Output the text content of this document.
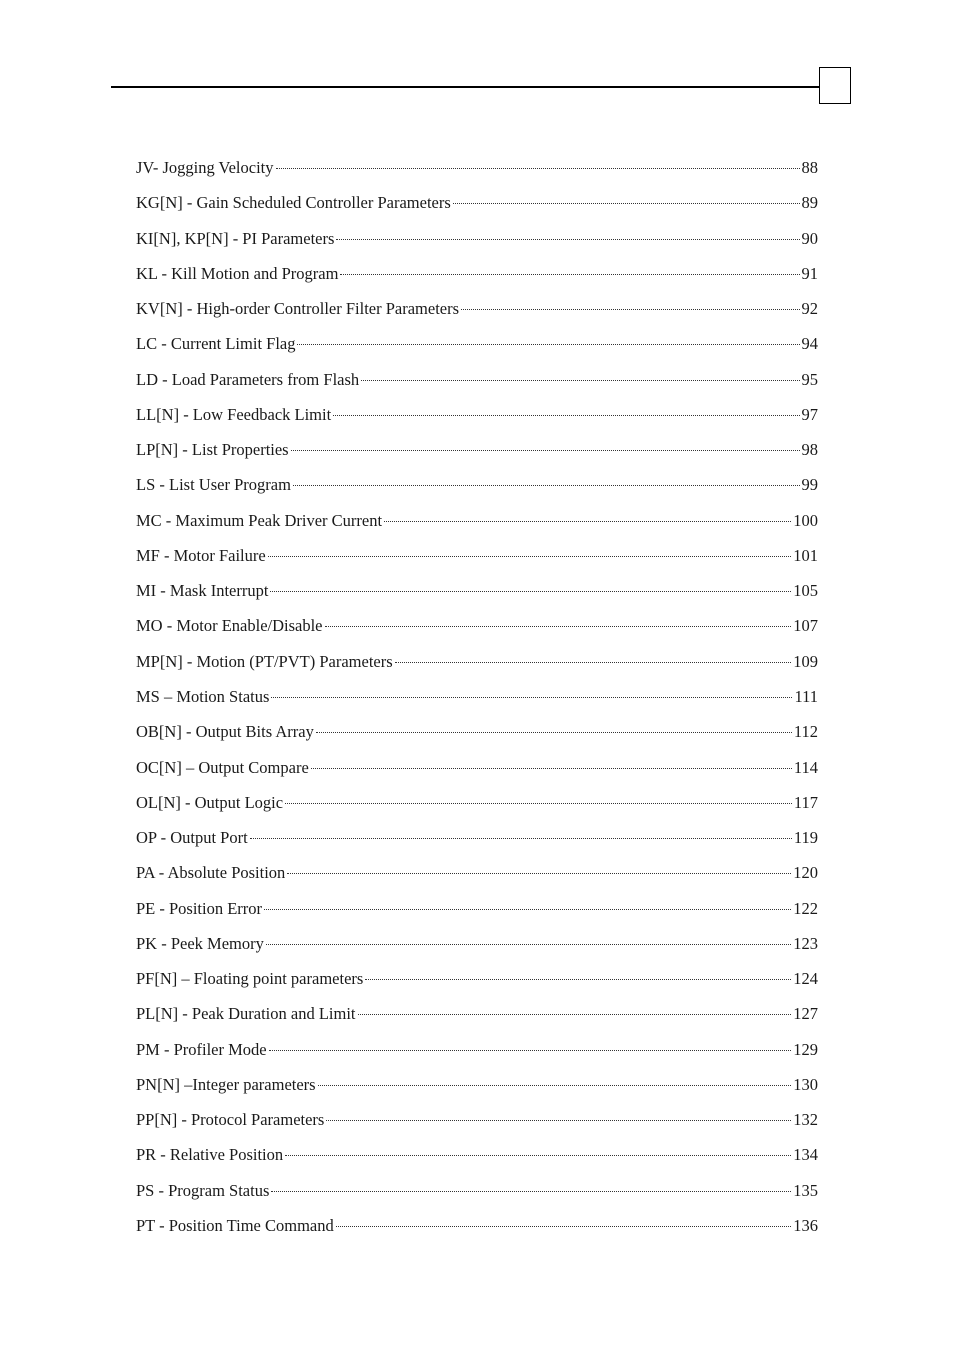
JV- Jogging Velocity	88
KG[N] - Gain Scheduled Controller Parameters	89
KI[N], KP[N] - PI Parameters	90
KL - Kill Motion and Program	91
KV[N] - High-order Controller Filter Parameters	92
LC - Current Limit Flag	94
LD - Load Parameters from Flash	95
LL[N] - Low Feedback Limit	97
LP[N] - List Properties	98
LS - List User Program	99
MC - Maximum Peak Driver Current	100
MF - Motor Failure	101
MI - Mask Interrupt	105
MO - Motor Enable/Disable	107
MP[N] - Motion (PT/PVT) Parameters	109
MS – Motion Status	111
OB[N] - Output Bits Array	112
OC[N] – Output Compare	114
OL[N] - Output Logic	117
OP - Output Port	119
PA - Absolute Position	120
PE - Position Error	122
PK - Peek Memory	123
PF[N] – Floating point parameters	124
PL[N] - Peak Duration and Limit	127
PM - Profiler Mode	129
PN[N] –Integer parameters	130
PP[N] - Protocol Parameters	132
PR - Relative Position	134
PS - Program Status	135
PT - Position Time Command	136
